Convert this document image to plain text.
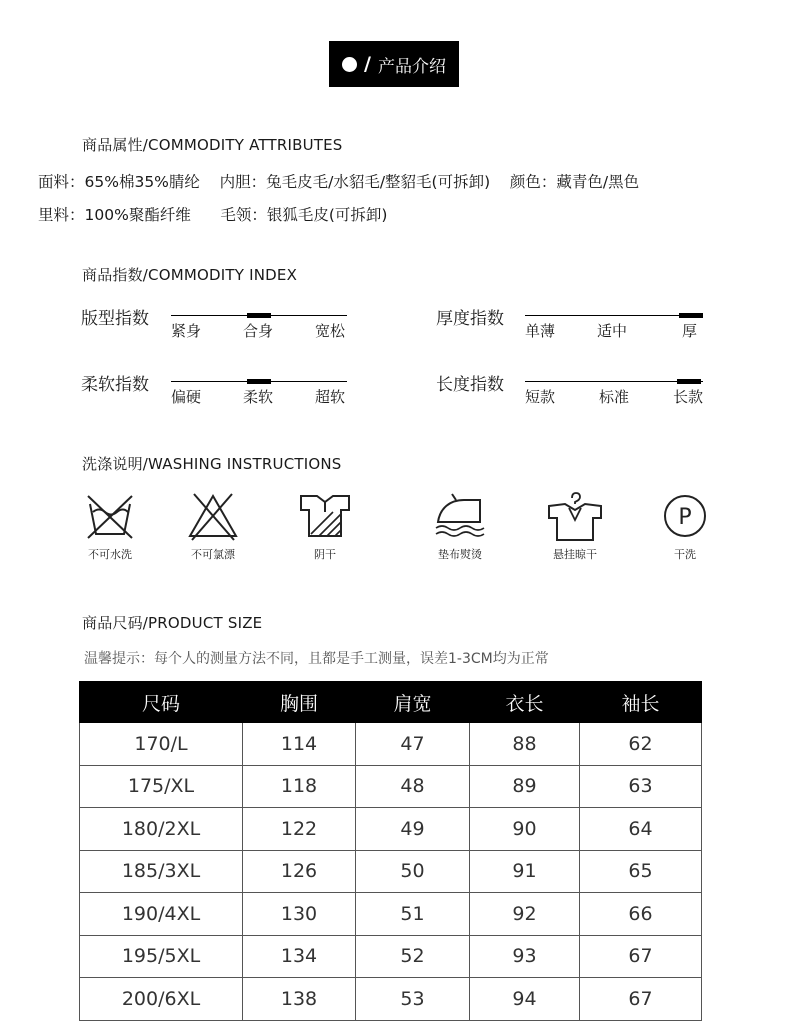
/ 产品介绍
商品属性/COMMODITY ATTRIBUTES
面料：65%棉35%腈纶    内胆：兔毛皮毛/水貂毛/整貂毛(可拆卸)    颜色：藏青色/黑色
里料：100%聚酯纤维      毛领：银狐毛皮(可拆卸)
商品指数/COMMODITY INDEX
版型指数
紧身	合身	宽松
厚度指数
单薄	适中	厚
柔软指数
偏硬	柔软	超软
长度指数
短款	标准	长款
洗涤说明/WASHING INSTRUCTIONS
不可水洗	不可氯漂	阴干	垫布熨烫	悬挂晾干
P
干洗
商品尺码/PRODUCT SIZE
温馨提示：每个人的测量方法不同，且都是手工测量，误差1-3CM均为正常
尺码	胸围	肩宽	衣长	袖长
170/L	114	47	88	62
175/XL	118	48	89	63
180/2XL	122	49	90	64
185/3XL	126	50	91	65
190/4XL	130	51	92	66
195/5XL	134	52	93	67
200/6XL	138	53	94	67
